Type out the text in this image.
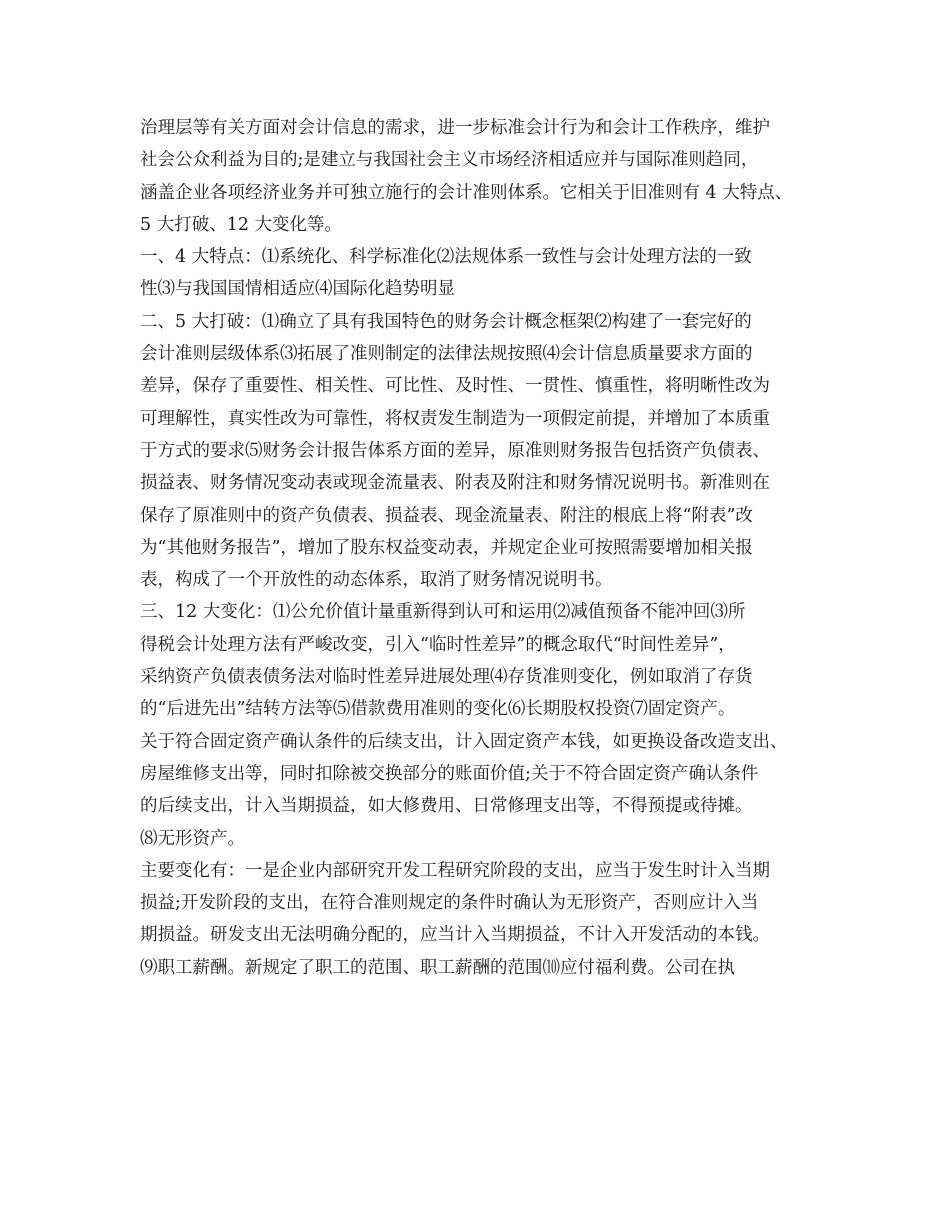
治理层等有关方面对会计信息的需求，进一步标准会计行为和会计工作秩序，维护
社会公众利益为目的;是建立与我国社会主义市场经济相适应并与国际准则趋同，
涵盖企业各项经济业务并可独立施行的会计准则体系。它相关于旧准则有 4 大特点、
5 大打破、12 大变化等。
一、4 大特点：⑴系统化、科学标准化⑵法规体系一致性与会计处理方法的一致
性⑶与我国国情相适应⑷国际化趋势明显
二、5 大打破：⑴确立了具有我国特色的财务会计概念框架⑵构建了一套完好的
会计准则层级体系⑶拓展了准则制定的法律法规按照⑷会计信息质量要求方面的
差异，保存了重要性、相关性、可比性、及时性、一贯性、慎重性，将明晰性改为
可理解性，真实性改为可靠性，将权责发生制造为一项假定前提，并增加了本质重
于方式的要求⑸财务会计报告体系方面的差异，原准则财务报告包括资产负债表、
损益表、财务情况变动表或现金流量表、附表及附注和财务情况说明书。新准则在
保存了原准则中的资产负债表、损益表、现金流量表、附注的根底上将“附表”改
为“其他财务报告”，增加了股东权益变动表，并规定企业可按照需要增加相关报
表，构成了一个开放性的动态体系，取消了财务情况说明书。
三、12 大变化：⑴公允价值计量重新得到认可和运用⑵减值预备不能冲回⑶所
得税会计处理方法有严峻改变，引入“临时性差异”的概念取代“时间性差异”，
采纳资产负债表债务法对临时性差异进展处理⑷存货准则变化，例如取消了存货
的“后进先出”结转方法等⑸借款费用准则的变化⑹长期股权投资⑺固定资产。
关于符合固定资产确认条件的后续支出，计入固定资产本钱，如更换设备改造支出、
房屋维修支出等，同时扣除被交换部分的账面价值;关于不符合固定资产确认条件
的后续支出，计入当期损益，如大修费用、日常修理支出等，不得预提或待摊。
⑻无形资产。
主要变化有：一是企业内部研究开发工程研究阶段的支出，应当于发生时计入当期
损益;开发阶段的支出，在符合准则规定的条件时确认为无形资产，否则应计入当
期损益。研发支出无法明确分配的，应当计入当期损益，不计入开发活动的本钱。
⑼职工薪酬。新规定了职工的范围、职工薪酬的范围⑽应付福利费。公司在执
